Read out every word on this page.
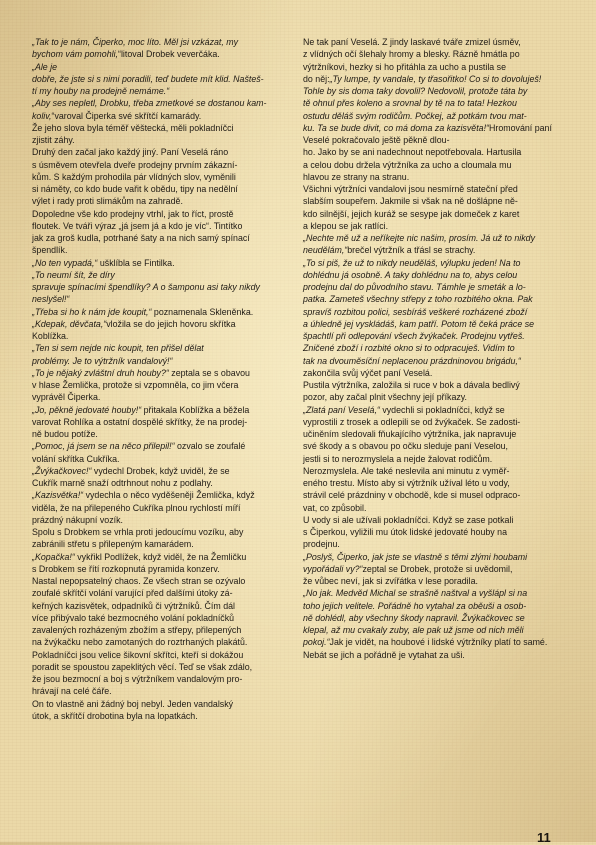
„Tak to je nám, Čiperko, moc líto. Měl jsi vzkázat, my
bychom vám pomohli,“litoval Drobek veverčáka.
„Ale je
dobře, že jste si s nimi poradili, teď budete mít klid. Našteš-
tí my houby na prodejně nemáme.“
„Aby ses nepletl, Drobku, třeba zmetkové se dostanou kam-
koliv,“varoval Čiperka své skřítčí kamarády.
Že jeho slova byla téměř věštecká, měli pokladníčci
zjistit záhy.
Druhý den začal jako každý jiný. Paní Veselá ráno
s úsměvem otevřela dveře prodejny prvním zákazní-
kům. S každým prohodila pár vlídných slov, vyměnili
si náměty, co kdo bude vařit k obědu, tipy na nedělní
výlet i rady proti slimákům na zahradě.
Dopoledne vše kdo prodejny vtrhl, jak to říct, prostě
floutek. Ve tváři výraz „já jsem já a kdo je víc“. Tintítko
jak za groš kudla, potrhané šaty a na nich samý spínací
špendlík.
„No ten vypadá,“ ušklíbla se Fintilka.
„To neumí šít, že díry
spravuje spínacími špendlíky? A o šamponu asi taky nikdy
neslyšel!“
„Třeba si ho k nám jde koupit,“ poznamenala Skleněnka.
„Kdepak, děvčata,“vložila se do jejich hovoru skřítka
Koblížka.
„Ten si sem nejde nic koupit, ten přišel dělat
problémy. Je to výtržník vandalový!“
„To je nějaký zvláštní druh houby?“ zeptala se s obavou
v hlase Žemlička, protože si vzpomněla, co jim včera
vyprávěl Čiperka.
„Jo, pěkně jedovaté houby!“ přitakala Koblížka a běžela
varovat Rohlíka a ostatní dospělé skřítky, že na prodej-
ně budou potíže.
„Pomoc, já jsem se na něco přilepil!“ ozvalo se zoufalé
volání skřítka Cukříka.
„Žvýkačkovec!“ vydechl Drobek, když uviděl, že se
Cukřík marně snaží odtrhnout nohu z podlahy.
„Kazisvětka!“ vydechla o něco vyděšeněji Žemlička, když
viděla, že na přilepeného Cukříka plnou rychlostí míří
prázdný nákupní vozík.
Spolu s Drobkem se vrhla proti jedoucímu vozíku, aby
zabránili střetu s přilepeným kamarádem.
„Kopačka!“ vykřikl Podlížek, když viděl, že na Žemličku
s Drobkem se řítí rozkopnutá pyramida konzerv.
Nastal nepopsatelný chaos. Ze všech stran se ozývalo
zoufalé skřítčí volání varující před dalšími útoky zá-
keřných kazisvětek, odpadníků či výtržníků. Čím dál
více přibývalo také bezmocného volání pokladníčků
zavalených rozházeným zbožím a střepy, přilepených
na žvýkačku nebo zamotaných do roztrhaných plakátů.
Pokladníčci jsou velice šikovní skřítci, kteří si dokážou
poradit se spoustou zapeklitých věcí. Teď se však zdálo,
že jsou bezmocní a boj s výtržníkem vandalovým pro-
hrávají na celé čáře.
On to vlastně ani žádný boj nebyl. Jeden vandalský
útok, a skřítčí drobotina byla na lopatkách.

Ne tak paní Veselá. Z jindy laskavé tváře zmizel úsměv,
z vlídných očí šlehaly hromy a blesky. Rázně hmátla po
výtržníkovi, hezky si ho přitáhla za ucho a pustila se
do něj:„Ty lumpe, ty vandale, ty třasořitko! Co si to dovoluješ!
Tohle by sis doma taky dovolil? Nedovolil, protože táta by
tě ohnul přes koleno a srovnal by tě na to tata! Hezkou
ostudu děláš svým rodičům. Počkej, až potkám tvou mat-
ku. Ta se bude divit, co má doma za kazisvěta!“Hromování paní Veselé pokračovalo ještě pěkně dlou-
ho. Jako by se ani nadechnout nepotřebovala. Hartusila
a celou dobu držela výtržníka za ucho a cloumala mu
hlavou ze strany na stranu.
Všichni výtržníci vandalovi jsou nesmírně stateční před
slabším soupeřem. Jakmile si však na ně došlápne ně-
kdo silnější, jejich kuráž se sesype jak domeček z karet
a klepou se jak ratlíci.
„Nechte mě už a neříkejte nic našim, prosím. Já už to nikdy
neudělám,“brečel výtržník a třásl se strachy.
„To si piš, že už to nikdy neuděláš, výlupku jeden! Na to
dohlédnu já osobně. A taky dohlédnu na to, abys celou
prodejnu dal do původního stavu. Támhle je smeták a lo-
patka. Zameteš všechny střepy z toho rozbitého okna. Pak
spravíš rozbitou polici, sesbíráš veškeré rozházené zboží
a úhledně jej vyskládáš, kam patří. Potom tě čeká práce se
špachtlí při odlepování všech žvýkaček. Prodejnu vytřeš.
Zničené zboží i rozbité okno si to odpracuješ. Vidím to
tak na dvouměsíční neplacenou prázdninovou brigádu,“
zakončila svůj výčet paní Veselá.
Pustila výtržníka, založila si ruce v bok a dávala bedlivý
pozor, aby začal plnit všechny její příkazy.
„Zlatá paní Veselá,“ vydechli si pokladníčci, když se
vyprostili z trosek a odlepili se od žvýkaček. Se zadosti-
učiněním sledovali fňukajícího výtržníka, jak napravuje
své škody a s obavou po očku sleduje paní Veselou,
jestli si to nerozmyslela a nejde žalovat rodičům.
Nerozmyslela. Ale také neslevila ani minutu z vyměř-
eného trestu. Místo aby si výtržník užíval léto u vody,
strávil celé prázdniny v obchodě, kde si musel odpraco-
vat, co způsobil.
U vody si ale užívali pokladníčci. Když se zase potkali
s Čiperkou, vyližili mu útok lidské jedovaté houby na
prodejnu.
„Poslyš, Čiperko, jak jste se vlastně s těmi zlými houbami
vypořádali vy?“zeptal se Drobek, protože si uvědomil,
že vůbec neví, jak si zvířátka v lese poradila.
„No jak. Medvěd Michal se strašně naštval a vyšlápl si na
toho jejich velitele. Pořádně ho vytahal za oběuši a osob-
ně dohlédl, aby všechny škody napravil. Žvýkačkovec se
klepal, až mu cvakaly zuby, ale pak už jsme od nich měli
pokoj.“Jak je vidět, na houbové i lidské výtržníky platí to samé.
Nebát se jich a pořádně je vytahat za uši.

11
